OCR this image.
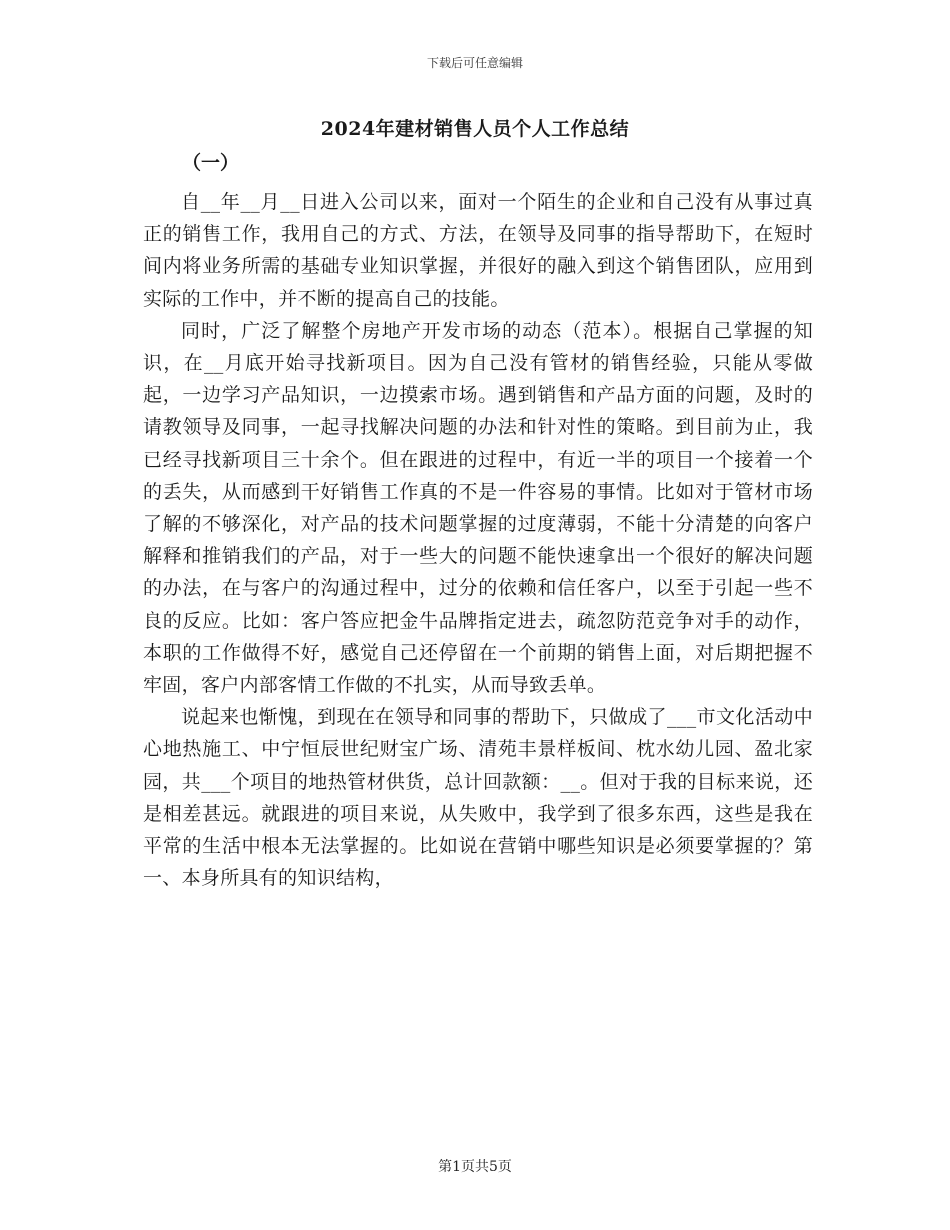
下载后可任意编辑
2024年建材销售人员个人工作总结
（一）

自__年__月__日进入公司以来，面对一个陌生的企业和自己没有从事过真正的销售工作，我用自己的方式、方法，在领导及同事的指导帮助下，在短时间内将业务所需的基础专业知识掌握，并很好的融入到这个销售团队，应用到实际的工作中，并不断的提高自己的技能。

同时，广泛了解整个房地产开发市场的动态（范本）。根据自己掌握的知识，在__月底开始寻找新项目。因为自己没有管材的销售经验，只能从零做起，一边学习产品知识，一边摸索市场。遇到销售和产品方面的问题，及时的请教领导及同事，一起寻找解决问题的办法和针对性的策略。到目前为止，我已经寻找新项目三十余个。但在跟进的过程中，有近一半的项目一个接着一个的丢失，从而感到干好销售工作真的不是一件容易的事情。比如对于管材市场了解的不够深化，对产品的技术问题掌握的过度薄弱，不能十分清楚的向客户解释和推销我们的产品，对于一些大的问题不能快速拿出一个很好的解决问题的办法，在与客户的沟通过程中，过分的依赖和信任客户，以至于引起一些不良的反应。比如：客户答应把金牛品牌指定进去，疏忽防范竞争对手的动作，本职的工作做得不好，感觉自己还停留在一个前期的销售上面，对后期把握不牢固，客户内部客情工作做的不扎实，从而导致丢单。

说起来也惭愧，到现在在领导和同事的帮助下，只做成了___市文化活动中心地热施工、中宁恒辰世纪财宝广场、清苑丰景样板间、枕水幼儿园、盈北家园，共___个项目的地热管材供货，总计回款额：__。但对于我的目标来说，还是相差甚远。就跟进的项目来说，从失败中，我学到了很多东西，这些是我在平常的生活中根本无法掌握的。比如说在营销中哪些知识是必须要掌握的？第一、本身所具有的知识结构，

第1页共5页
